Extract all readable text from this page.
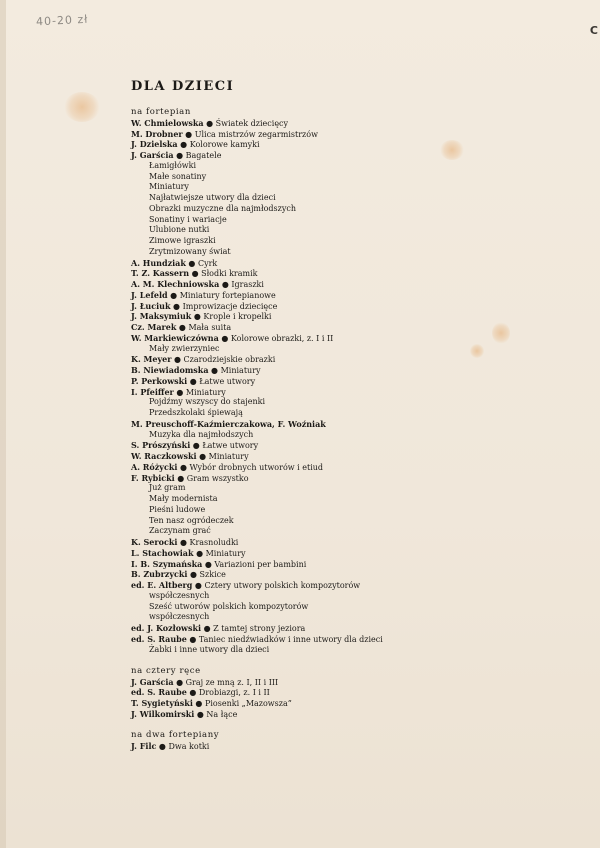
40-20 zł
C
DLA DZIECI
na fortepian
W. Chmielowska ● Światek dziecięcy
M. Drobner ● Ulica mistrzów zegarmistrzów
J. Dzielska ● Kolorowe kamyki
J. Garścia ● Bagatele
Łamigłówki
Małe sonatiny
Miniatury
Najłatwiejsze utwory dla dzieci
Obrazki muzyczne dla najmłodszych
Sonatiny i wariacje
Ulubione nutki
Zimowe igraszki
Zrytmizowany świat
A. Hundziak ● Cyrk
T. Z. Kassern ● Słodki kramik
A. M. Klechniowska ● Igraszki
J. Lefeld ● Miniatury fortepianowe
J. Łuciuk ● Improwizacje dziecięce
J. Maksymiuk ● Krople i kropelki
Cz. Marek ● Mała suita
W. Markiewiczówna ● Kolorowe obrazki, z. I i II
Mały zwierzyniec
K. Meyer ● Czarodziejskie obrazki
B. Niewiadomska ● Miniatury
P. Perkowski ● Łatwe utwory
I. Pfeiffer ● Miniatury
Pojdźmy wszyscy do stajenki
Przedszkolaki śpiewają
M. Preuschoff-Kaźmierczakowa, F. Woźniak
Muzyka dla najmłodszych
S. Prószyński ● Łatwe utwory
W. Raczkowski ● Miniatury
A. Różycki ● Wybór drobnych utworów i etiud
F. Rybicki ● Gram wszystko
Już gram
Mały modernista
Pieśni ludowe
Ten nasz ogródeczek
Zaczynam grać
K. Serocki ● Krasnoludki
L. Stachowiak ● Miniatury
I. B. Szymańska ● Variazioni per bambini
B. Zubrzycki ● Szkice
ed. E. Altberg ● Cztery utwory polskich kompozytorów
współczesnych
Sześć utworów polskich kompozytorów
współczesnych
ed. J. Kozłowski ● Z tamtej strony jeziora
ed. S. Raube ● Taniec niedźwiadków i inne utwory dla dzieci
Żabki i inne utwory dla dzieci
na cztery ręce
J. Garścia ● Graj ze mną z. I, II i III
ed. S. Raube ● Drobiazgi, z. I i II
T. Sygietyński ● Piosenki „Mazowsza”
J. Wilkomirski ● Na łące
na dwa fortepiany
J. Filc ● Dwa kotki
